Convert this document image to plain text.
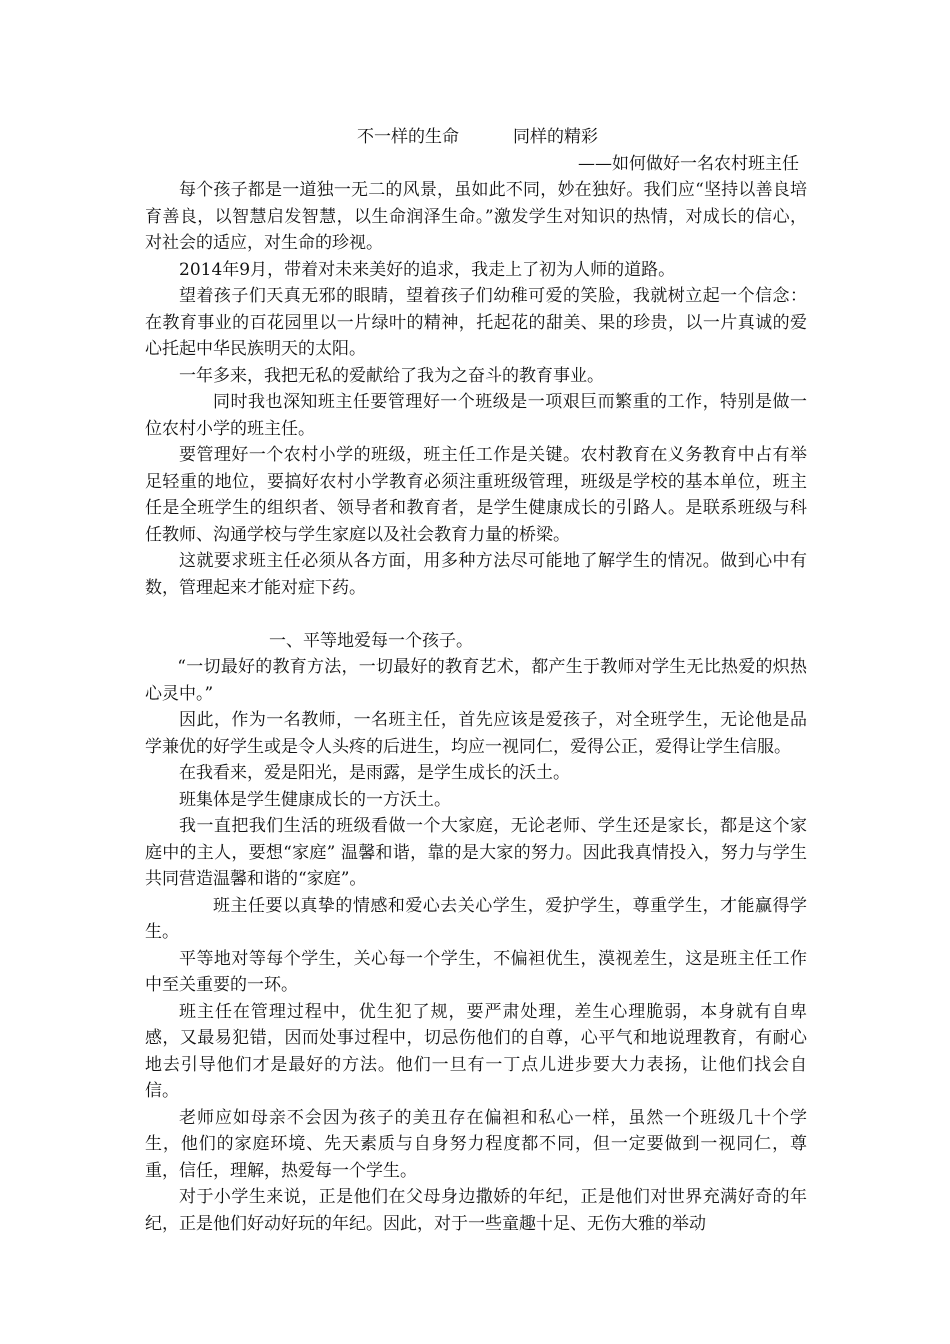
不一样的生命          同样的精彩
——如何做好一名农村班主任

每个孩子都是一道独一无二的风景，虽如此不同，妙在独好。我们应“坚持以善良培育善良，以智慧启发智慧，以生命润泽生命。”激发学生对知识的热情，对成长的信心，对社会的适应，对生命的珍视。

2014年9月，带着对未来美好的追求，我走上了初为人师的道路。

望着孩子们天真无邪的眼睛，望着孩子们幼稚可爱的笑脸，我就树立起一个信念：在教育事业的百花园里以一片绿叶的精神，托起花的甜美、果的珍贵，以一片真诚的爱心托起中华民族明天的太阳。

一年多来，我把无私的爱献给了我为之奋斗的教育事业。

同时我也深知班主任要管理好一个班级是一项艰巨而繁重的工作，特别是做一位农村小学的班主任。

要管理好一个农村小学的班级，班主任工作是关键。农村教育在义务教育中占有举足轻重的地位，要搞好农村小学教育必须注重班级管理，班级是学校的基本单位，班主任是全班学生的组织者、领导者和教育者，是学生健康成长的引路人。是联系班级与科任教师、沟通学校与学生家庭以及社会教育力量的桥梁。

这就要求班主任必须从各方面，用多种方法尽可能地了解学生的情况。做到心中有数，管理起来才能对症下药。

一、平等地爱每一个孩子。

“一切最好的教育方法，一切最好的教育艺术，都产生于教师对学生无比热爱的炽热心灵中。”

因此，作为一名教师，一名班主任，首先应该是爱孩子，对全班学生，无论他是品学兼优的好学生或是令人头疼的后进生，均应一视同仁，爱得公正，爱得让学生信服。

在我看来，爱是阳光，是雨露，是学生成长的沃土。

班集体是学生健康成长的一方沃土。

我一直把我们生活的班级看做一个大家庭，无论老师、学生还是家长，都是这个家庭中的主人，要想“家庭” 温馨和谐，靠的是大家的努力。因此我真情投入，努力与学生共同营造温馨和谐的“家庭”。

班主任要以真挚的情感和爱心去关心学生，爱护学生，尊重学生，才能赢得学生。

平等地对等每个学生，关心每一个学生，不偏袒优生，漠视差生，这是班主任工作中至关重要的一环。

班主任在管理过程中，优生犯了规，要严肃处理，差生心理脆弱，本身就有自卑感，又最易犯错，因而处事过程中，切忌伤他们的自尊，心平气和地说理教育，有耐心地去引导他们才是最好的方法。他们一旦有一丁点儿进步要大力表扬，让他们找会自信。

老师应如母亲不会因为孩子的美丑存在偏袒和私心一样，虽然一个班级几十个学生，他们的家庭环境、先天素质与自身努力程度都不同，但一定要做到一视同仁，尊重，信任，理解，热爱每一个学生。

对于小学生来说，正是他们在父母身边撒娇的年纪，正是他们对世界充满好奇的年纪，正是他们好动好玩的年纪。因此，对于一些童趣十足、无伤大雅的举动
